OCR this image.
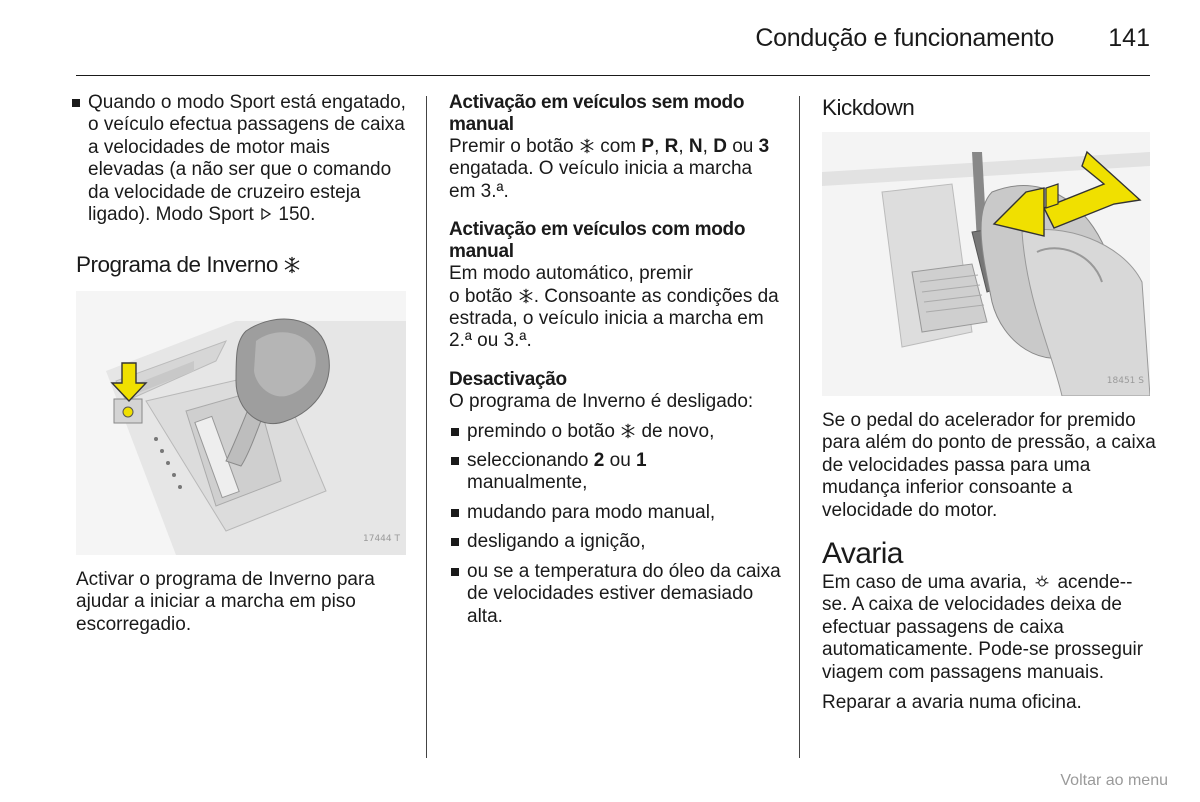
Condução e funcionamento	141
Quando o modo Sport está engatado, o veículo efectua passagens de caixa a velocidades de motor mais elevadas (a não ser que o comando da velocidade de cruzeiro esteja ligado). Modo Sport 150.
Programa de Inverno
17444 T
Activar o programa de Inverno para ajudar a iniciar a marcha em piso escorregadio.
Activação em veículos sem modo manual
Premir o botão com P, R, N, D ou 3 engatada. O veículo inicia a marcha em 3.ª.
Activação em veículos com modo manual
Em modo automático, premir
o botão . Consoante as condições da estrada, o veículo inicia a marcha em 2.ª ou 3.ª.
Desactivação
O programa de Inverno é desligado:
premindo o botão de novo,
seleccionando 2 ou 1
manualmente,
mudando para modo manual,
desligando a ignição,
ou se a temperatura do óleo da caixa de velocidades estiver demasiado alta.
Kickdown
18451 S
Se o pedal do acelerador for premido para além do ponto de pressão, a caixa de velocidades passa para uma mudança inferior consoante a velocidade do motor.
Avaria
Em caso de uma avaria, acende--se. A caixa de velocidades deixa de efectuar passagens de caixa automaticamente. Pode-se prosseguir viagem com passagens manuais.
Reparar a avaria numa oficina.
Voltar ao menu
